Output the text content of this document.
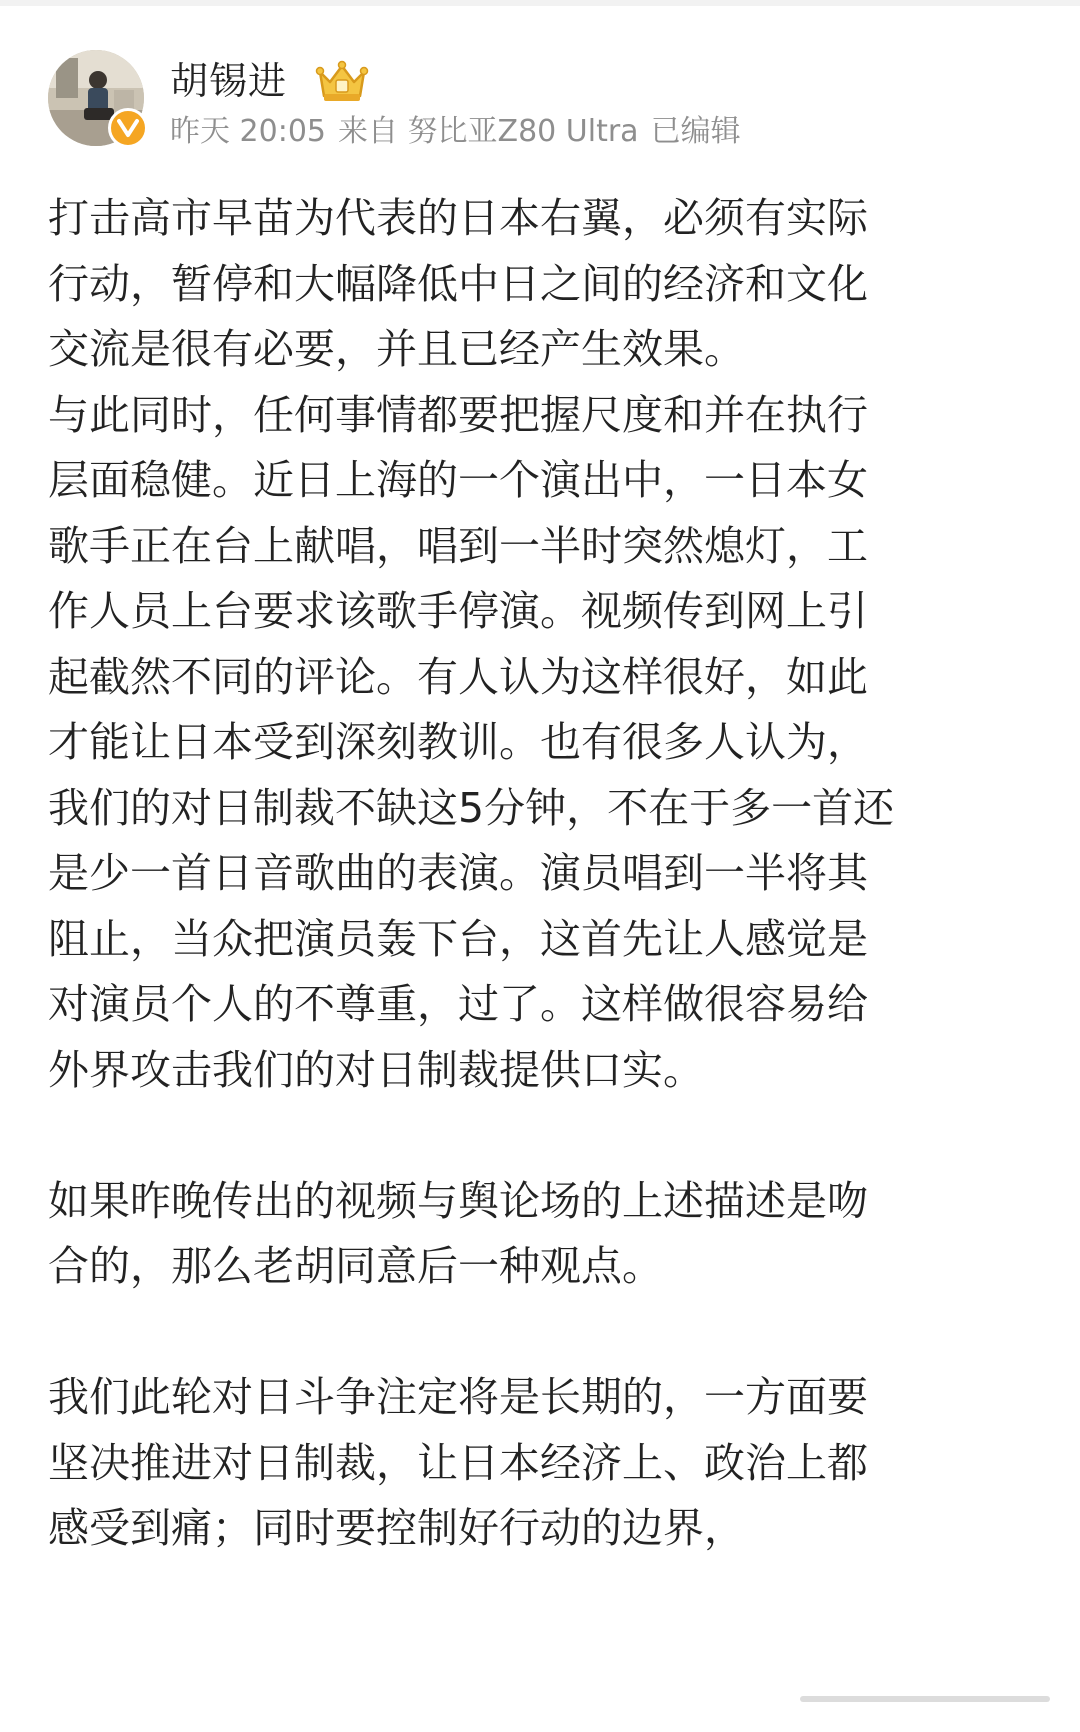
胡锡进
昨天 20:05 来自 努比亚Z80 Ultra 已编辑

打击高市早苗为代表的日本右翼，必须有实际

行动，暂停和大幅降低中日之间的经济和文化

交流是很有必要，并且已经产生效果。

与此同时，任何事情都要把握尺度和并在执行

层面稳健。近日上海的一个演出中，一日本女

歌手正在台上献唱，唱到一半时突然熄灯，工

作人员上台要求该歌手停演。视频传到网上引

起截然不同的评论。有人认为这样很好，如此

才能让日本受到深刻教训。也有很多人认为，

我们的对日制裁不缺这5分钟，不在于多一首还

是少一首日音歌曲的表演。演员唱到一半将其

阻止，当众把演员轰下台，这首先让人感觉是

对演员个人的不尊重，过了。这样做很容易给

外界攻击我们的对日制裁提供口实。

如果昨晚传出的视频与舆论场的上述描述是吻

合的，那么老胡同意后一种观点。

我们此轮对日斗争注定将是长期的，一方面要

坚决推进对日制裁，让日本经济上、政治上都

感受到痛；同时要控制好行动的边界，
